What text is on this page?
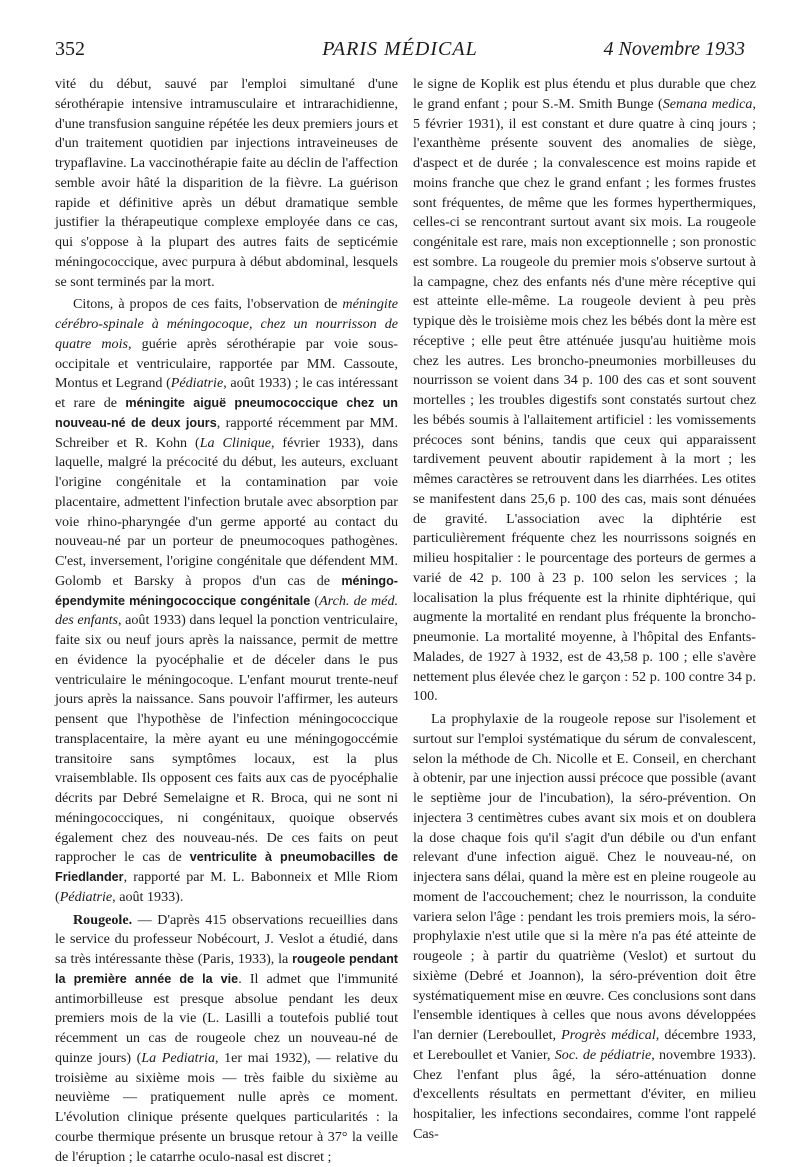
352	PARIS MÉDICAL	4 Novembre 1933

vité du début, sauvé par l'emploi simultané d'une sérothérapie intensive intramusculaire et intrarachidienne, d'une transfusion sanguine répétée les deux premiers jours et d'un traitement quotidien par injections intraveineuses de trypaflavine. La vaccinothérapie faite au déclin de l'affection semble avoir hâté la disparition de la fièvre. La guérison rapide et définitive après un début dramatique semble justifier la thérapeutique complexe employée dans ce cas, qui s'oppose à la plupart des autres faits de septicémie méningococcique, avec purpura à début abdominal, lesquels se sont terminés par la mort.

Citons, à propos de ces faits, l'observation de méningite cérébro-spinale à méningocoque, chez un nourrisson de quatre mois, guérie après sérothérapie par voie sous-occipitale et ventriculaire, rapportée par MM. Cassoute, Montus et Legrand (Pédiatrie, août 1933) ; le cas intéressant et rare de méningite aiguë pneumococcique chez un nouveau-né de deux jours, rapporté récemment par MM. Schreiber et R. Kohn (La Clinique, février 1933), dans laquelle, malgré la précocité du début, les auteurs, excluant l'origine congénitale et la contamination par voie placentaire, admettent l'infection brutale avec absorption par voie rhino-pharyngée d'un germe apporté au contact du nouveau-né par un porteur de pneumocoques pathogènes. C'est, inversement, l'origine congénitale que défendent MM. Golomb et Barsky à propos d'un cas de méningo-épendymite méningococcique congénitale (Arch. de méd. des enfants, août 1933) dans lequel la ponction ventriculaire, faite six ou neuf jours après la naissance, permit de mettre en évidence la pyocéphalie et de déceler dans le pus ventriculaire le méningocoque. L'enfant mourut trente-neuf jours après la naissance. Sans pouvoir l'affirmer, les auteurs pensent que l'hypothèse de l'infection méningococcique transplacentaire, la mère ayant eu une méningogoccémie transitoire sans symptômes locaux, est la plus vraisemblable. Ils opposent ces faits aux cas de pyocéphalie décrits par Debré Semelaigne et R. Broca, qui ne sont ni méningococciques, ni congénitaux, quoique observés également chez des nouveau-nés. De ces faits on peut rapprocher le cas de ventriculite à pneumobacilles de Friedlander, rapporté par M. L. Babonneix et Mlle Riom (Pédiatrie, août 1933).

Rougeole. — D'après 415 observations recueillies dans le service du professeur Nobécourt, J. Veslot a étudié, dans sa très intéressante thèse (Paris, 1933), la rougeole pendant la première année de la vie. Il admet que l'immunité antimorbilleuse est presque absolue pendant les deux premiers mois de la vie (L. Lasilli a toutefois publié tout récemment un cas de rougeole chez un nouveau-né de quinze jours) (La Pediatria, 1er mai 1932), — relative du troisième au sixième mois — très faible du sixième au neuvième — pratiquement nulle après ce moment. L'évolution clinique présente quelques particularités : la courbe thermique présente un brusque retour à 37° la veille de l'éruption ; le catarrhe oculo-nasal est discret ;

le signe de Koplik est plus étendu et plus durable que chez le grand enfant ; pour S.-M. Smith Bunge (Semana medica, 5 février 1931), il est constant et dure quatre à cinq jours ; l'exanthème présente souvent des anomalies de siège, d'aspect et de durée ; la convalescence est moins rapide et moins franche que chez le grand enfant ; les formes frustes sont fréquentes, de même que les formes hyperthermiques, celles-ci se rencontrant surtout avant six mois. La rougeole congénitale est rare, mais non exceptionnelle ; son pronostic est sombre. La rougeole du premier mois s'observe surtout à la campagne, chez des enfants nés d'une mère réceptive qui est atteinte elle-même. La rougeole devient à peu près typique dès le troisième mois chez les bébés dont la mère est réceptive ; elle peut être atténuée jusqu'au huitième mois chez les autres. Les broncho-pneumonies morbilleuses du nourrisson se voient dans 34 p. 100 des cas et sont souvent mortelles ; les troubles digestifs sont constatés surtout chez les bébés soumis à l'allaitement artificiel : les vomissements précoces sont bénins, tandis que ceux qui apparaissent tardivement peuvent aboutir rapidement à la mort ; les mêmes caractères se retrouvent dans les diarrhées. Les otites se manifestent dans 25,6 p. 100 des cas, mais sont dénuées de gravité. L'association avec la diphtérie est particulièrement fréquente chez les nourrissons soignés en milieu hospitalier : le pourcentage des porteurs de germes a varié de 42 p. 100 à 23 p. 100 selon les services ; la localisation la plus fréquente est la rhinite diphtérique, qui augmente la mortalité en rendant plus fréquente la broncho-pneumonie. La mortalité moyenne, à l'hôpital des Enfants-Malades, de 1927 à 1932, est de 43,58 p. 100 ; elle s'avère nettement plus élevée chez le garçon : 52 p. 100 contre 34 p. 100.

La prophylaxie de la rougeole repose sur l'isolement et surtout sur l'emploi systématique du sérum de convalescent, selon la méthode de Ch. Nicolle et E. Conseil, en cherchant à obtenir, par une injection aussi précoce que possible (avant le septième jour de l'incubation), la séro-prévention. On injectera 3 centimètres cubes avant six mois et on doublera la dose chaque fois qu'il s'agit d'un débile ou d'un enfant relevant d'une infection aiguë. Chez le nouveau-né, on injectera sans délai, quand la mère est en pleine rougeole au moment de l'accouchement; chez le nourrisson, la conduite variera selon l'âge : pendant les trois premiers mois, la séro-prophylaxie n'est utile que si la mère n'a pas été atteinte de rougeole ; à partir du quatrième (Veslot) et surtout du sixième (Debré et Joannon), la séro-prévention doit être systématiquement mise en œuvre. Ces conclusions sont dans l'ensemble identiques à celles que nous avons développées l'an dernier (Lereboullet, Progrès médical, décembre 1933, et Lereboullet et Vanier, Soc. de pédiatrie, novembre 1933). Chez l'enfant plus âgé, la séro-atténuation donne d'excellents résultats en permettant d'éviter, en milieu hospitalier, les infections secondaires, comme l'ont rappelé Cas-
